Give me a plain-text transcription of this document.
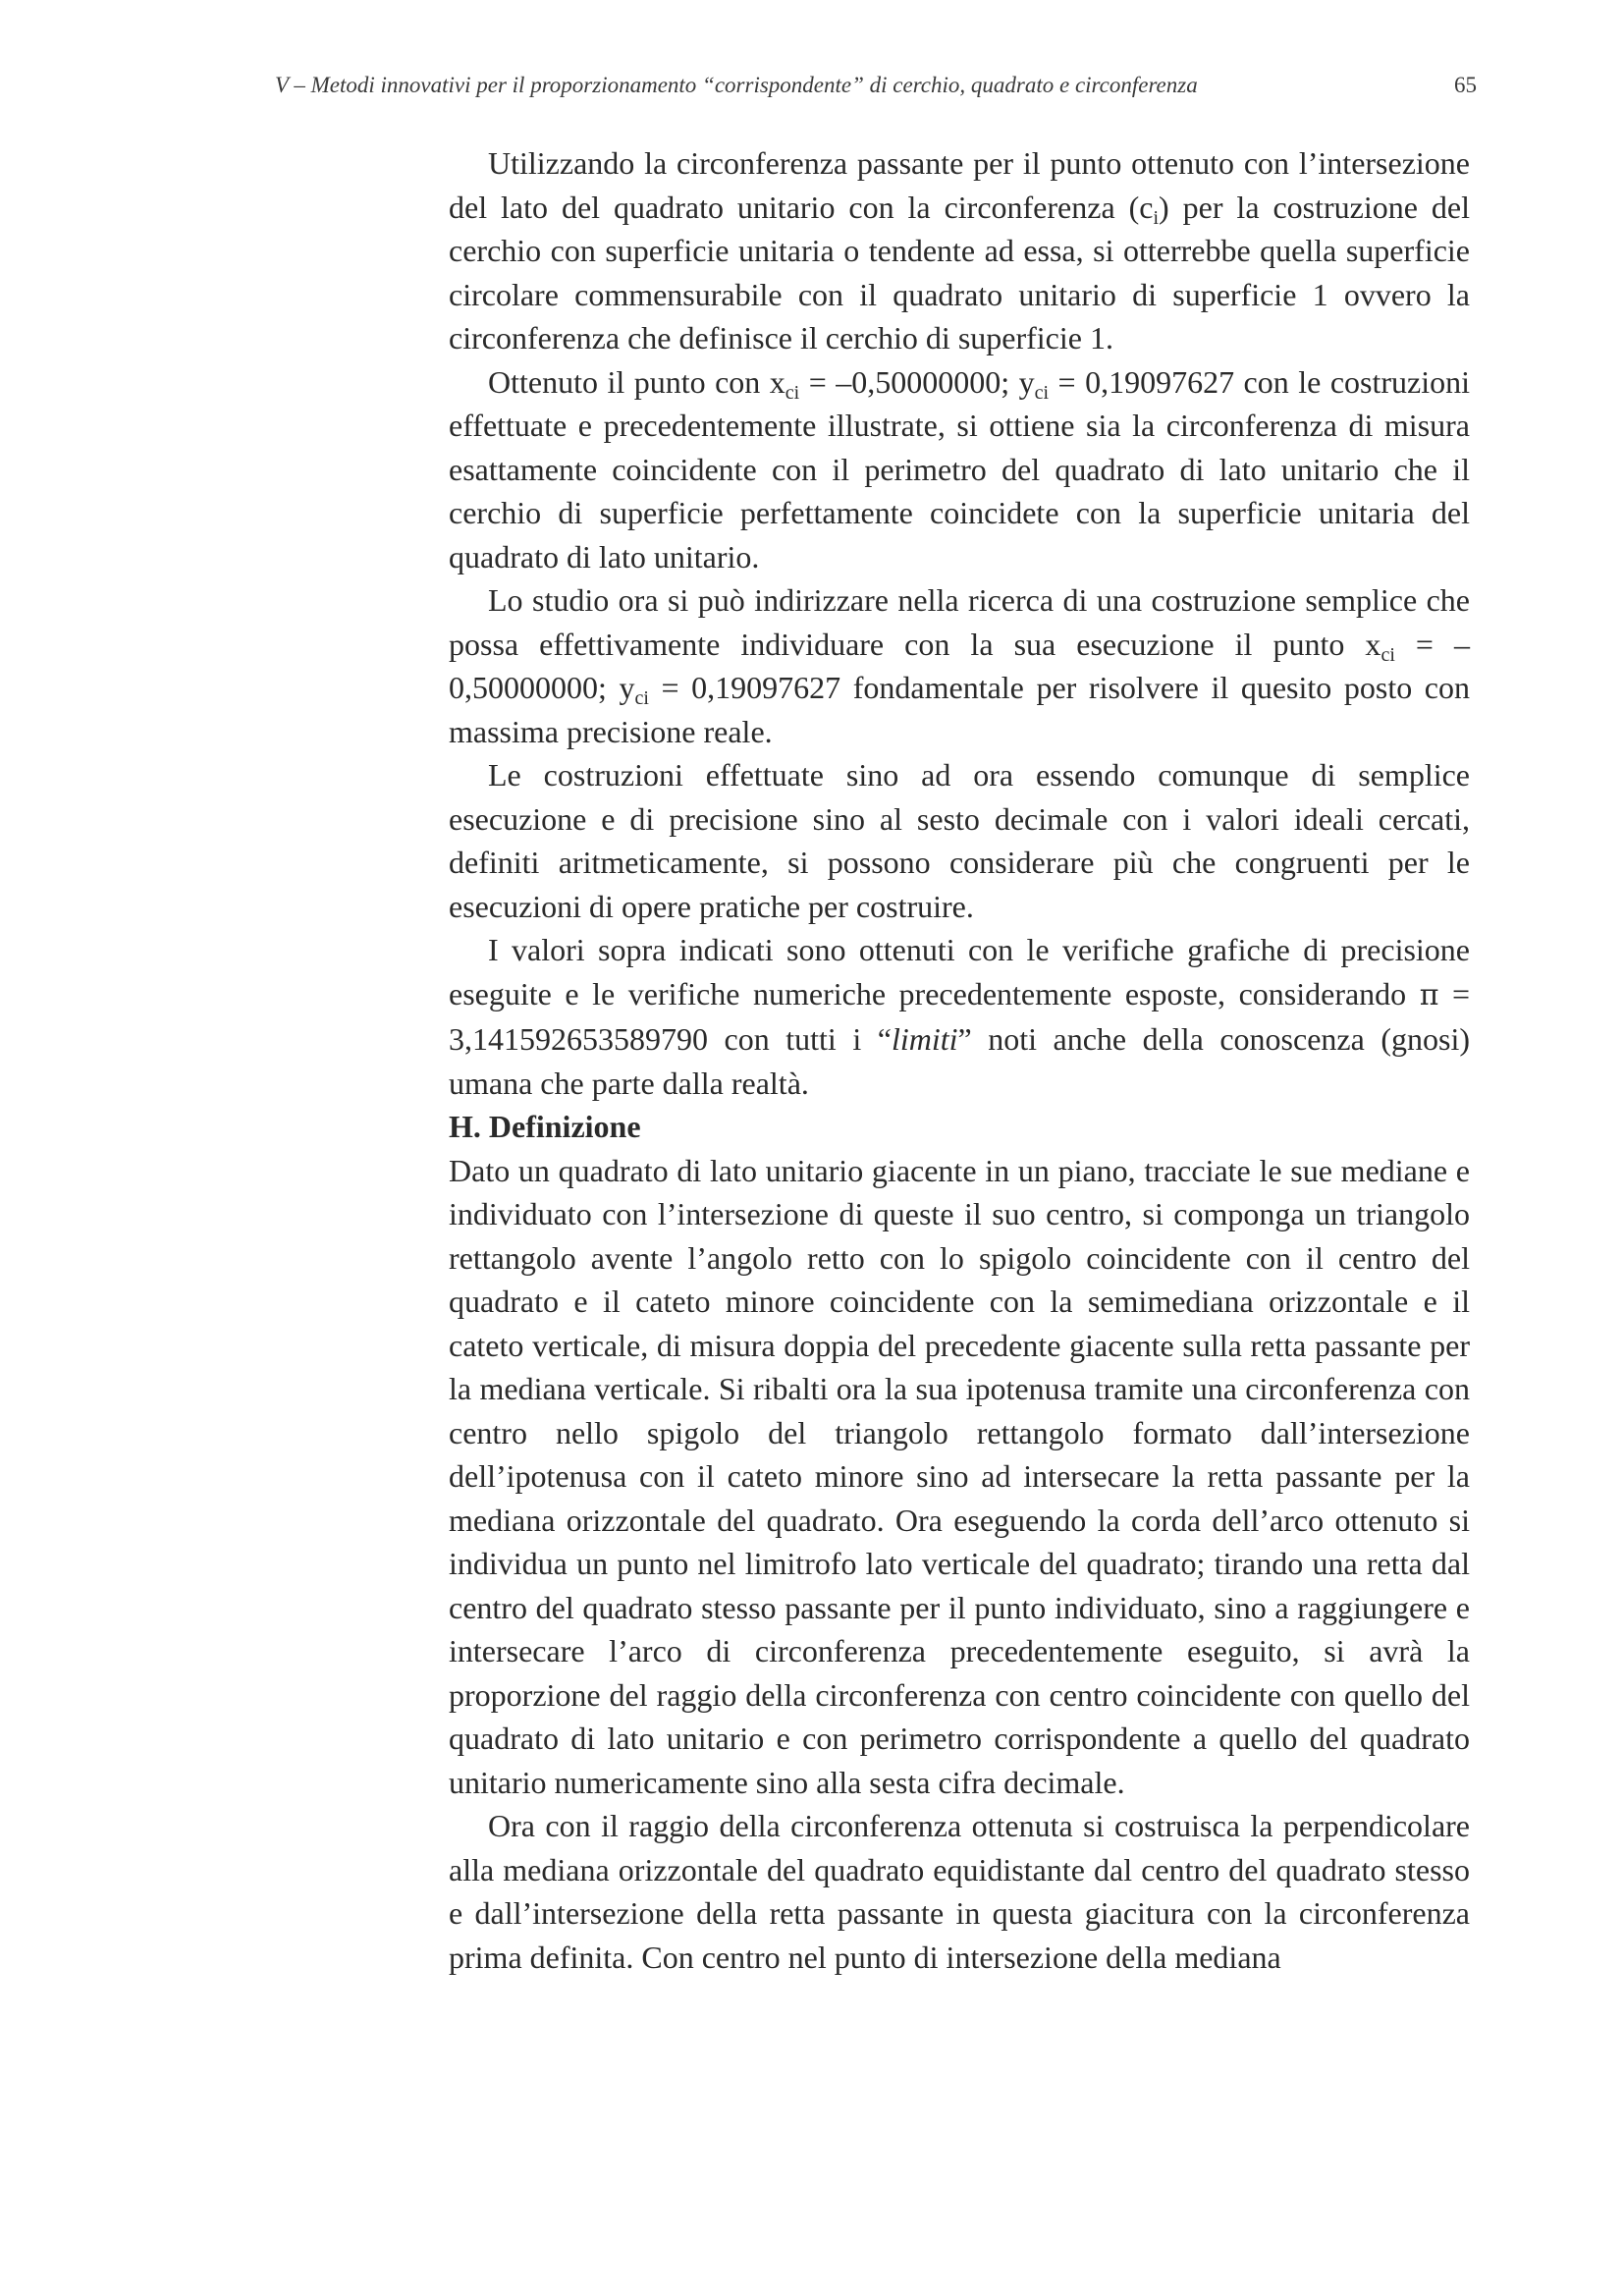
V – Metodi innovativi per il proporzionamento “corrispondente” di cerchio, quadrato e circonferenza	65

Utilizzando la circonferenza passante per il punto ottenuto con l’intersezione del lato del quadrato unitario con la circonferenza $(c_i)$ per la costruzione del cerchio con superficie unitaria o tendente ad essa, si otterrebbe quella superficie circolare commensurabile con il quadrato unitario di superficie 1 ovvero la circonferenza che definisce il cerchio di superficie 1.

Ottenuto il punto con $x_{ci} = -0,50000000$; $y_{ci} = 0,19097627$ con le costruzioni effettuate e precedentemente illustrate, si ottiene sia la circonferenza di misura esattamente coincidente con il perimetro del quadrato di lato unitario che il cerchio di superficie perfettamente coincidete con la superficie unitaria del quadrato di lato unitario.

Lo studio ora si può indirizzare nella ricerca di una costruzione semplice che possa effettivamente individuare con la sua esecuzione il punto $x_{ci} = -0,50000000$; $y_{ci} = 0,19097627$ fondamentale per risolvere il quesito posto con massima precisione reale.

Le costruzioni effettuate sino ad ora essendo comunque di semplice esecuzione e di precisione sino al sesto decimale con i valori ideali cercati, definiti aritmeticamente, si possono considerare più che congruenti per le esecuzioni di opere pratiche per costruire.

I valori sopra indicati sono ottenuti con le verifiche grafiche di precisione eseguite e le verifiche numeriche precedentemente esposte, considerando π = 3,141592653589790 con tutti i “limiti” noti anche della conoscenza (gnosi) umana che parte dalla realtà.

H. Definizione

Dato un quadrato di lato unitario giacente in un piano, tracciate le sue mediane e individuato con l’intersezione di queste il suo centro, si componga un triangolo rettangolo avente l’angolo retto con lo spigolo coincidente con il centro del quadrato e il cateto minore coincidente con la semimediana orizzontale e il cateto verticale, di misura doppia del precedente giacente sulla retta passante per la mediana verticale. Si ribalti ora la sua ipotenusa tramite una circonferenza con centro nello spigolo del triangolo rettangolo formato dall’intersezione dell’ipotenusa con il cateto minore sino ad intersecare la retta passante per la mediana orizzontale del quadrato. Ora eseguendo la corda dell’arco ottenuto si individua un punto nel limitrofo lato verticale del quadrato; tirando una retta dal centro del quadrato stesso passante per il punto individuato, sino a raggiungere e intersecare l’arco di circonferenza precedentemente eseguito, si avrà la proporzione del raggio della circonferenza con centro coincidente con quello del quadrato di lato unitario e con perimetro corrispondente a quello del quadrato unitario numericamente sino alla sesta cifra decimale.

Ora con il raggio della circonferenza ottenuta si costruisca la perpendicolare alla mediana orizzontale del quadrato equidistante dal centro del quadrato stesso e dall’intersezione della retta passante in questa giacitura con la circonferenza prima definita. Con centro nel punto di intersezione della mediana
